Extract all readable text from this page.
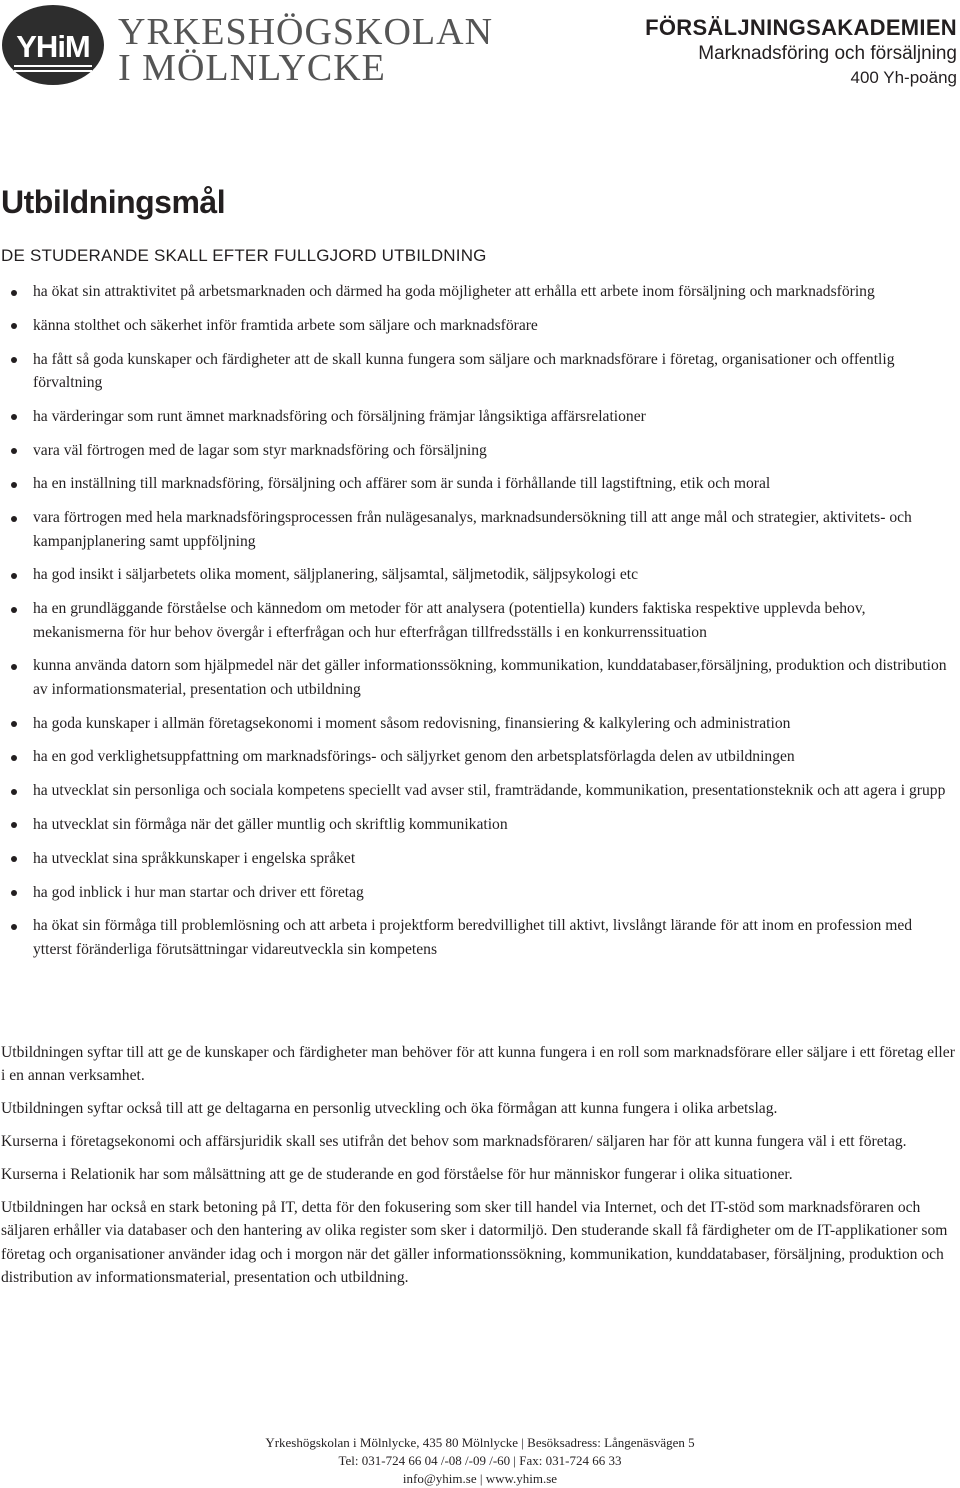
YHiM YRKESHÖGSKOLAN
I MÖLNLYCKE
FÖRSÄLJNINGSAKADEMIEN
Marknadsföring och försäljning
400 Yh-poäng
Utbildningsmål
DE STUDERANDE SKALL EFTER FULLGJORD UTBILDNING
ha ökat sin attraktivitet på arbetsmarknaden och därmed ha goda möjligheter att erhålla ett arbete inom försäljning och marknadsföring
känna stolthet och säkerhet inför framtida arbete som säljare och marknadsförare
ha fått så goda kunskaper och färdigheter att de skall kunna fungera som säljare och marknadsförare i företag, organisationer och offentlig förvaltning
ha värderingar som runt ämnet marknadsföring och försäljning främjar långsiktiga affärsrelationer
vara väl förtrogen med de lagar som styr marknadsföring och försäljning
ha en inställning till marknadsföring, försäljning och affärer som är sunda i förhållande till lagstiftning, etik och moral
vara förtrogen med hela marknadsföringsprocessen från nulägesanalys, marknadsundersökning till att ange mål och strategier, aktivitets- och kampanjplanering samt uppföljning
ha god insikt i säljarbetets olika moment, säljplanering, säljsamtal, säljmetodik, säljpsykologi etc
ha en grundläggande förståelse och kännedom om metoder för att analysera (potentiella) kunders faktiska respektive upplevda behov, mekanismerna för hur behov övergår i efterfrågan och hur efterfrågan tillfredsställs i en konkurrenssituation
kunna använda datorn som hjälpmedel när det gäller informationssökning, kommunikation, kunddatabaser,försäljning, produktion och distribution av informationsmaterial, presentation och utbildning
ha goda kunskaper i allmän företagsekonomi i moment såsom redovisning, finansiering & kalkylering och administration
ha en god verklighetsuppfattning om marknadsförings- och säljyrket genom den arbetsplatsförlagda delen av utbildningen
ha utvecklat sin personliga och sociala kompetens speciellt vad avser stil, framträdande, kommunikation, presentationsteknik och att agera i grupp
ha utvecklat sin förmåga när det gäller muntlig och skriftlig kommunikation
ha utvecklat sina språkkunskaper i engelska språket
ha god inblick i hur man startar och driver ett företag
ha ökat sin förmåga till problemlösning och att arbeta i projektform beredvillighet till aktivt, livslångt lärande för att inom en profession med ytterst föränderliga förutsättningar vidareutveckla sin kompetens

Utbildningen syftar till att ge de kunskaper och färdigheter man behöver för att kunna fungera i en roll som marknadsförare eller säljare i ett företag eller i en annan verksamhet.

Utbildningen syftar också till att ge deltagarna en personlig utveckling och öka förmågan att kunna fungera i olika arbetslag.

Kurserna i företagsekonomi och affärsjuridik skall ses utifrån det behov som marknadsföraren/ säljaren har för att kunna fungera väl i ett företag.

Kurserna i Relationik har som målsättning att ge de studerande en god förståelse för hur människor fungerar i olika situationer.

Utbildningen har också en stark betoning på IT, detta för den fokusering som sker till handel via Internet, och det IT-stöd som marknadsföraren och säljaren erhåller via databaser och den hantering av olika register som sker i datormiljö. Den studerande skall få färdigheter om de IT-applikationer som företag och organisationer använder idag och i morgon när det gäller informationssökning, kommunikation, kunddatabaser, försäljning, produktion och distribution av informationsmaterial, presentation och utbildning.

Yrkeshögskolan i Mölnlycke, 435 80 Mölnlycke | Besöksadress: Långenäsvägen 5
Tel: 031-724 66 04 /-08 /-09 /-60 | Fax: 031-724 66 33
info@yhim.se | www.yhim.se
